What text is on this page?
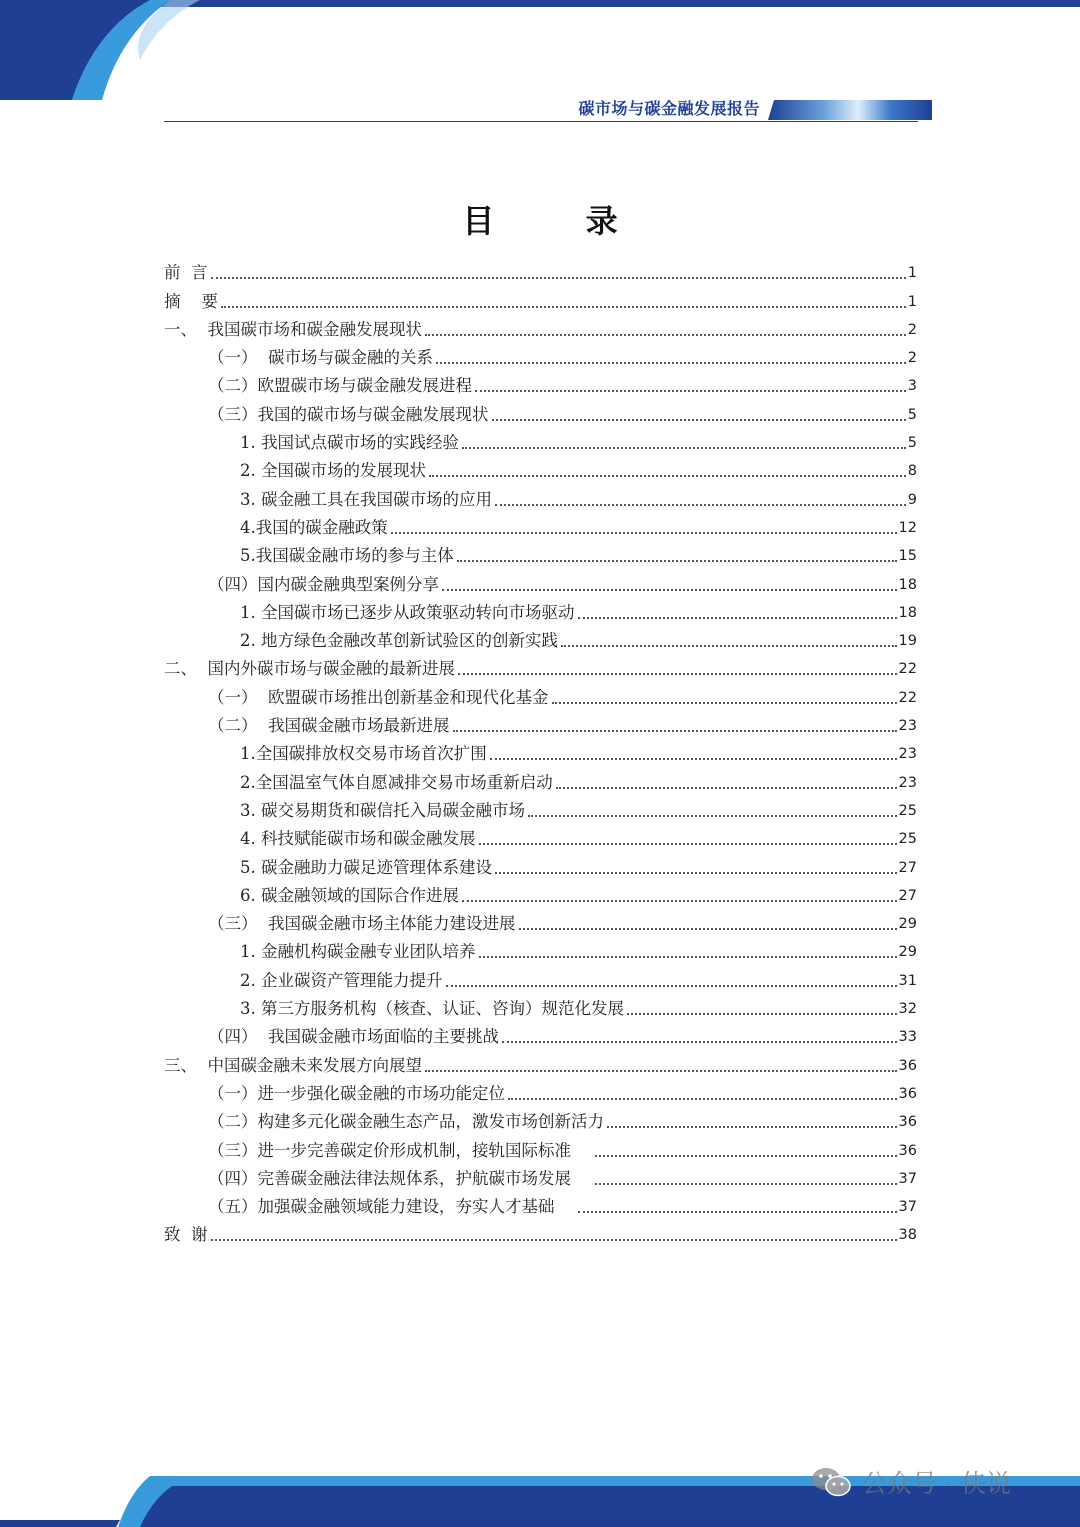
碳市场与碳金融发展报告
目 录
前  言	1
摘    要	1
一、  我国碳市场和碳金融发展现状	2
（一）  碳市场与碳金融的关系	2
（二）欧盟碳市场与碳金融发展进程	3
（三）我国的碳市场与碳金融发展现状	5
1. 我国试点碳市场的实践经验	5
2. 全国碳市场的发展现状	8
3. 碳金融工具在我国碳市场的应用	9
4.我国的碳金融政策	12
5.我国碳金融市场的参与主体	15
（四）国内碳金融典型案例分享	18
1. 全国碳市场已逐步从政策驱动转向市场驱动	18
2. 地方绿色金融改革创新试验区的创新实践	19
二、  国内外碳市场与碳金融的最新进展	22
（一）  欧盟碳市场推出创新基金和现代化基金	22
（二）  我国碳金融市场最新进展	23
1.全国碳排放权交易市场首次扩围	23
2.全国温室气体自愿减排交易市场重新启动	23
3. 碳交易期货和碳信托入局碳金融市场	25
4. 科技赋能碳市场和碳金融发展	25
5. 碳金融助力碳足迹管理体系建设	27
6. 碳金融领域的国际合作进展	27
（三）  我国碳金融市场主体能力建设进展	29
1. 金融机构碳金融专业团队培养	29
2. 企业碳资产管理能力提升	31
3. 第三方服务机构（核查、认证、咨询）规范化发展	32
（四）  我国碳金融市场面临的主要挑战	33
三、  中国碳金融未来发展方向展望	36
（一）进一步强化碳金融的市场功能定位	36
（二）构建多元化碳金融生态产品，激发市场创新活力	36
（三）进一步完善碳定价形成机制，接轨国际标准	36
（四）完善碳金融法律法规体系，护航碳市场发展	37
（五）加强碳金融领域能力建设，夯实人才基础	37
致  谢	38
公众号 · 侠说
